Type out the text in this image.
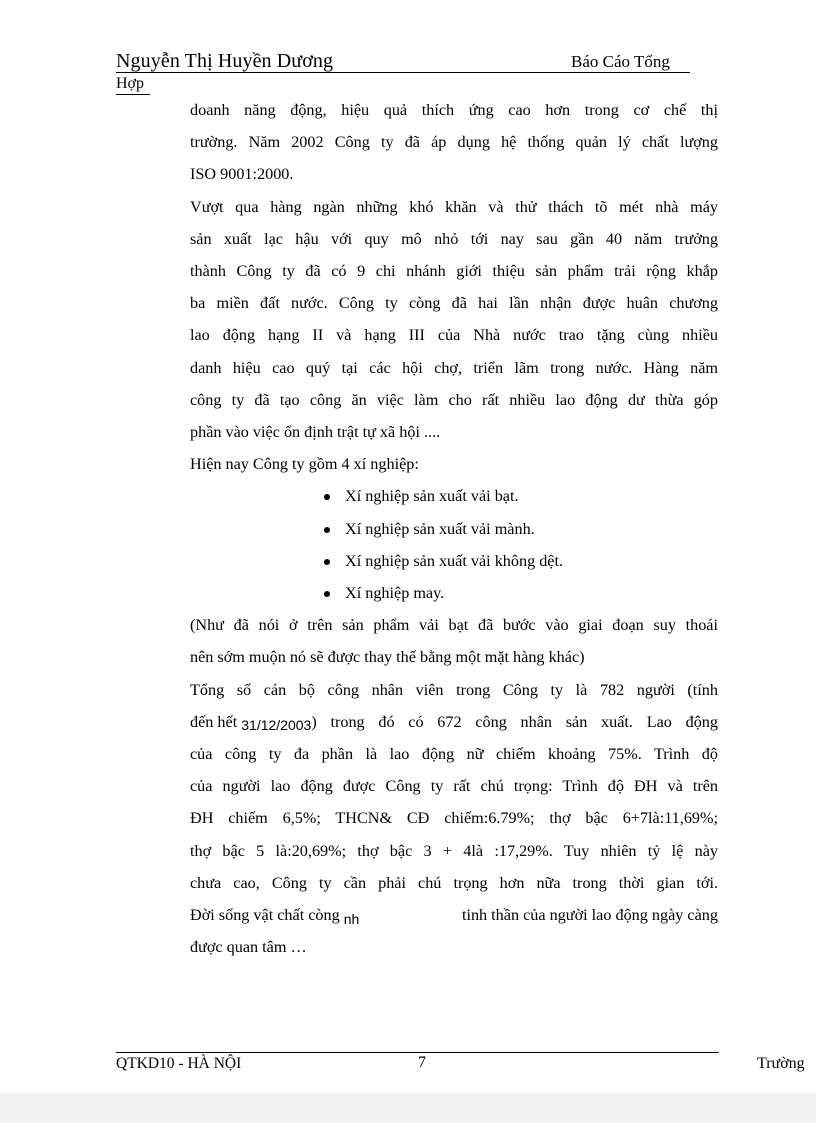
Nguyễn Thị Huyền Dương	Báo Cáo Tổng
Hợp
doanh năng động, hiệu quả thích ứng cao hơn trong cơ chế thị
trường. Năm 2002 Công ty đã áp dụng hệ thống quản lý chất lượng
ISO 9001:2000.
Vượt qua hàng ngàn những khó khăn và thử thách tõ mét nhà máy
sản xuất lạc hậu với quy mô nhỏ tới nay sau gần 40 năm trưởng
thành Công ty đã có 9 chi nhánh giới thiệu sản phẩm trải rộng khắp
ba miền đất nước. Công ty còng đã hai lần nhận được huân chương
lao động hạng II và hạng III của Nhà nước trao tặng cùng nhiều
danh hiệu cao quý tại các hội chợ, triển lãm trong nước. Hàng năm
công ty đã tạo công ăn việc làm cho rất nhiều lao động dư thừa góp
phần vào việc ổn định trật tự xã hội ....
Hiện nay Công ty gồm 4 xí nghiệp:
Xí nghiệp sản xuất vải bạt.
Xí nghiệp sản xuất vải mành.
Xí nghiệp sản xuất vải không dệt.
Xí nghiệp may.
(Như đã nói ở trên sản phẩm vải bạt đã bước vào giai đoạn suy thoái
nên sớm muộn nó sẽ được thay thế bằng một mặt hàng khác)
Tổng số cán bộ công nhân viên trong Công ty là 782 người (tính
đến hết 31/12/2003 ) trong đó có 672 công nhân sản xuất. Lao động
của công ty đa phần là lao động nữ chiếm khoảng 75%. Trình độ
của người lao động được Công ty rất chú trọng: Trình độ ĐH và trên
ĐH chiếm 6,5%; THCN& CĐ chiếm:6.79%; thợ bậc 6+7là:11,69%;
thợ bậc 5 là:20,69%; thợ bậc 3 + 4là :17,29%. Tuy nhiên tỷ lệ này
chưa cao, Công ty cần phải chú trọng hơn nữa trong thời gian tới.
Đời sống vật chất còng nh	tinh thần của người lao động ngày càng
được quan tâm …
QTKD10 - HÀ NỘI	7	Trường
